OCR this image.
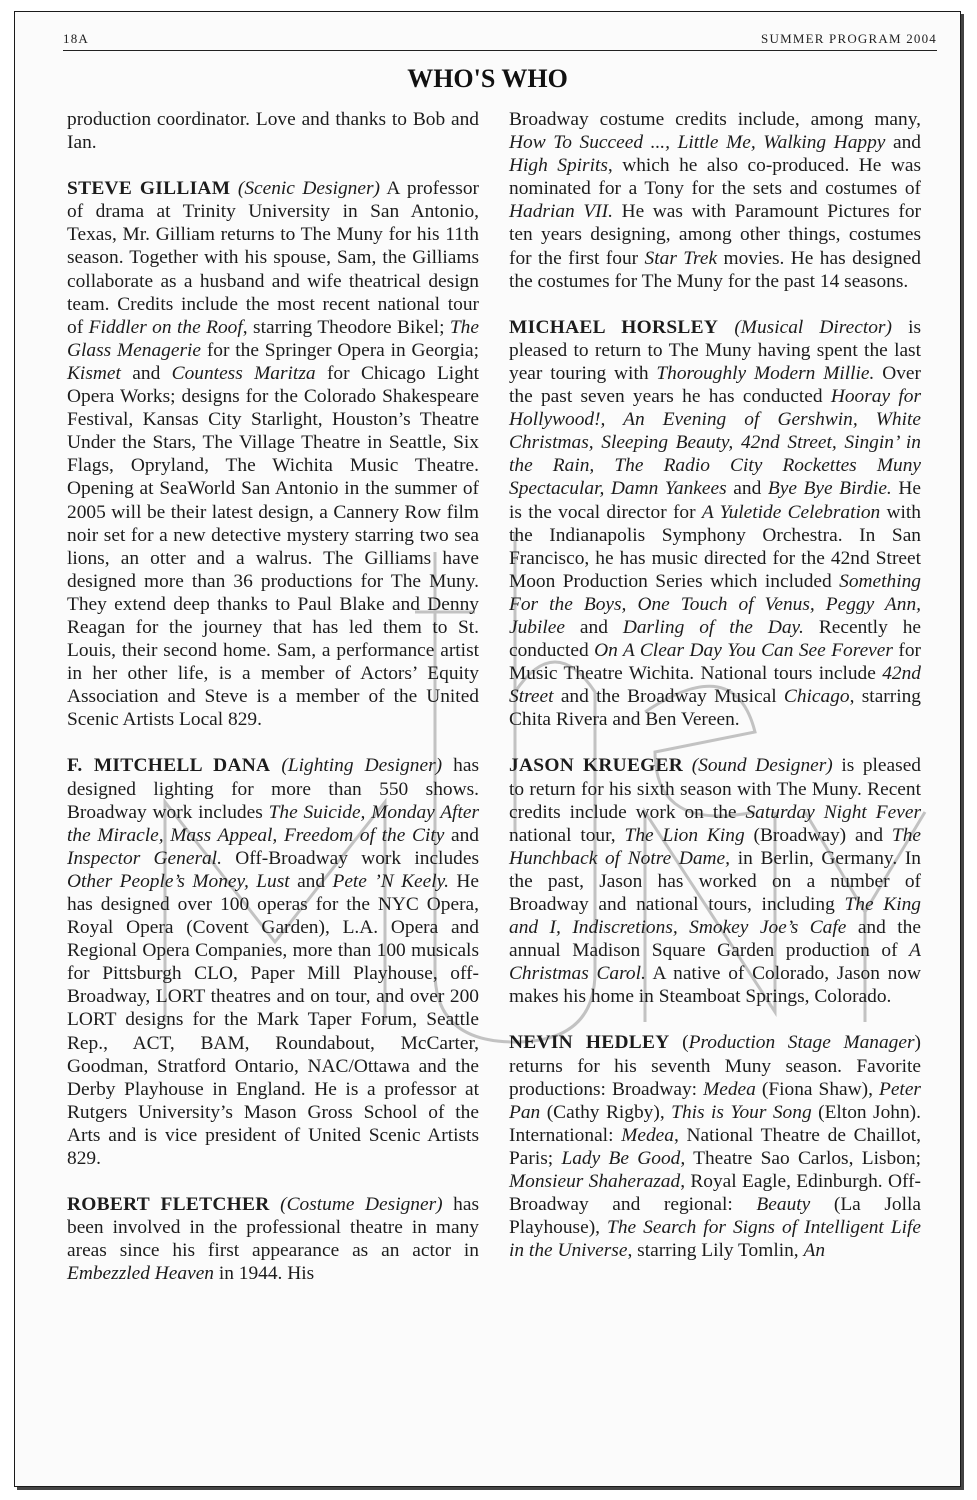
18A	SUMMER PROGRAM 2004
WHO'S WHO

production coordinator. Love and thanks to Bob and Ian.

STEVE GILLIAM (Scenic Designer) A professor of drama at Trinity University in San Antonio, Texas, Mr. Gilliam returns to The Muny for his 11th season. Together with his spouse, Sam, the Gilliams collaborate as a husband and wife theatrical design team. Credits include the most recent national tour of Fiddler on the Roof, starring Theodore Bikel; The Glass Menagerie for the Springer Opera in Georgia; Kismet and Countess Maritza for Chicago Light Opera Works; designs for the Colorado Shakespeare Festival, Kansas City Starlight, Houston’s Theatre Under the Stars, The Village Theatre in Seattle, Six Flags, Opryland, The Wichita Music Theatre. Opening at SeaWorld San Antonio in the summer of 2005 will be their latest design, a Cannery Row film noir set for a new detective mystery starring two sea lions, an otter and a walrus. The Gilliams have designed more than 36 productions for The Muny. They extend deep thanks to Paul Blake and Denny Reagan for the journey that has led them to St. Louis, their second home. Sam, a performance artist in her other life, is a member of Actors’ Equity Association and Steve is a member of the United Scenic Artists Local 829.

F. MITCHELL DANA (Lighting Designer) has designed lighting for more than 550 shows. Broadway work includes The Suicide, Monday After the Miracle, Mass Appeal, Freedom of the City and Inspector General. Off-Broadway work includes Other People’s Money, Lust and Pete ’N Keely. He has designed over 100 operas for the NYC Opera, Royal Opera (Covent Garden), L.A. Opera and Regional Opera Companies, more than 100 musicals for Pittsburgh CLO, Paper Mill Playhouse, off-Broadway, LORT theatres and on tour, and over 200 LORT designs for the Mark Taper Forum, Seattle Rep., ACT, BAM, Roundabout, McCarter, Goodman, Stratford Ontario, NAC/Ottawa and the Derby Playhouse in England. He is a professor at Rutgers University’s Mason Gross School of the Arts and is vice president of United Scenic Artists 829.

ROBERT FLETCHER (Costume Designer) has been involved in the professional theatre in many areas since his first appearance as an actor in Embezzled Heaven in 1944. His

Broadway costume credits include, among many, How To Succeed ..., Little Me, Walking Happy and High Spirits, which he also co-produced. He was nominated for a Tony for the sets and costumes of Hadrian VII. He was with Paramount Pictures for ten years designing, among other things, costumes for the first four Star Trek movies. He has designed the costumes for The Muny for the past 14 seasons.

MICHAEL HORSLEY (Musical Director) is pleased to return to The Muny having spent the last year touring with Thoroughly Modern Millie. Over the past seven years he has conducted Hooray for Hollywood!, An Evening of Gershwin, White Christmas, Sleeping Beauty, 42nd Street, Singin’ in the Rain, The Radio City Rockettes Muny Spectacular, Damn Yankees and Bye Bye Birdie. He is the vocal director for A Yuletide Celebration with the Indianapolis Symphony Orchestra. In San Francisco, he has music directed for the 42nd Street Moon Production Series which included Something For the Boys, One Touch of Venus, Peggy Ann, Jubilee and Darling of the Day. Recently he conducted On A Clear Day You Can See Forever for Music Theatre Wichita. National tours include 42nd Street and the Broadway Musical Chicago, starring Chita Rivera and Ben Vereen.

JASON KRUEGER (Sound Designer) is pleased to return for his sixth season with The Muny. Recent credits include work on the Saturday Night Fever national tour, The Lion King (Broadway) and The Hunchback of Notre Dame, in Berlin, Germany. In the past, Jason has worked on a number of Broadway and national tours, including The King and I, Indiscretions, Smokey Joe’s Cafe and the annual Madison Square Garden production of A Christmas Carol. A native of Colorado, Jason now makes his home in Steamboat Springs, Colorado.

NEVIN HEDLEY (Production Stage Manager) returns for his seventh Muny season. Favorite productions: Broadway: Medea (Fiona Shaw), Peter Pan (Cathy Rigby), This is Your Song (Elton John). International: Medea, National Theatre de Chaillot, Paris; Lady Be Good, Theatre Sao Carlos, Lisbon; Monsieur Shaherazad, Royal Eagle, Edinburgh. Off-Broadway and regional: Beauty (La Jolla Playhouse), The Search for Signs of Intelligent Life in the Universe, starring Lily Tomlin, An
